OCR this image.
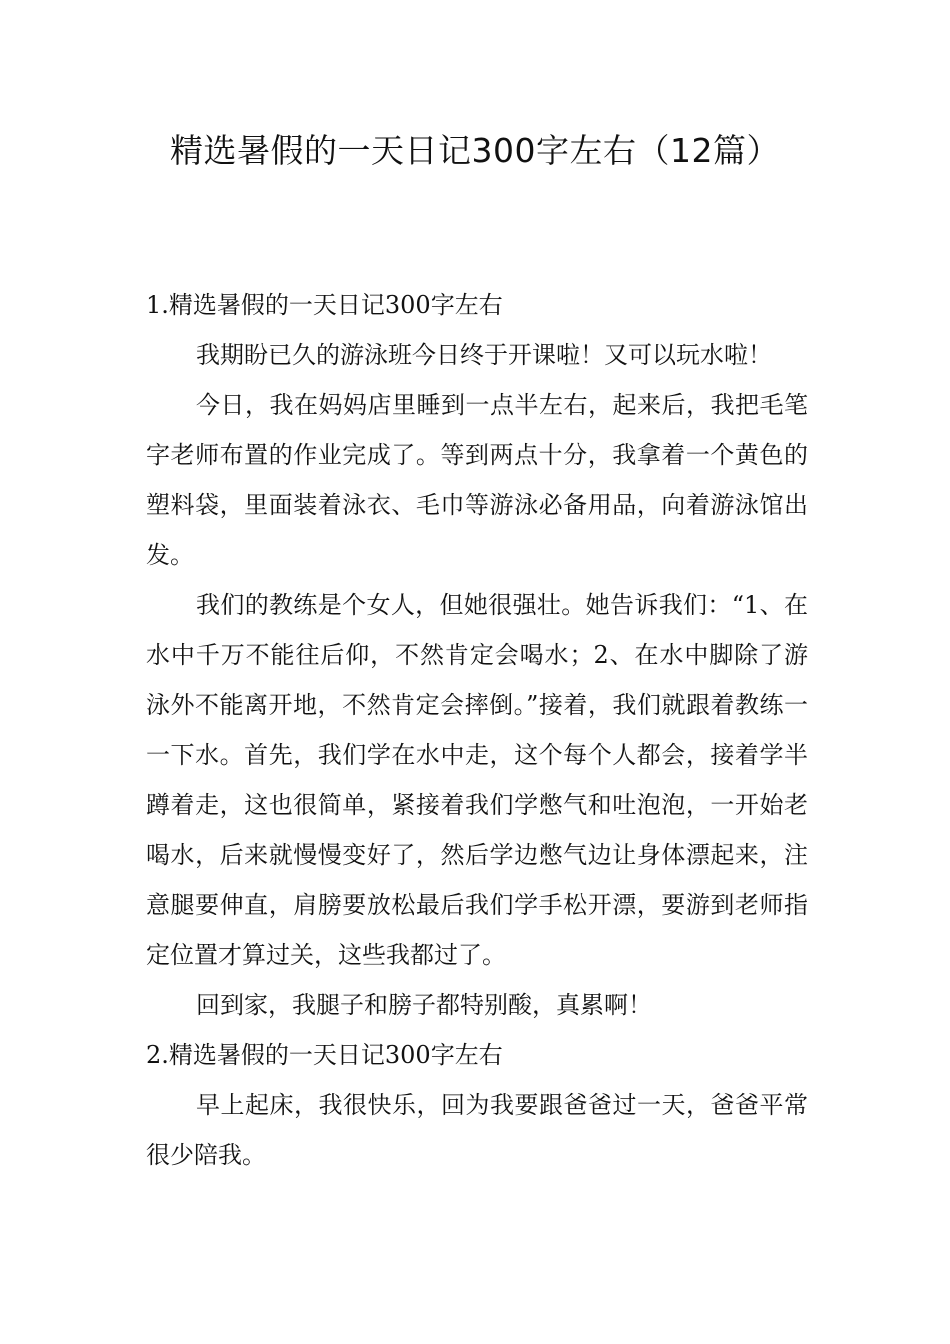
精选暑假的一天日记300字左右（12篇）
1.精选暑假的一天日记300字左右

我期盼已久的游泳班今日终于开课啦！又可以玩水啦！

今日，我在妈妈店里睡到一点半左右，起来后，我把毛笔字老师布置的作业完成了。等到两点十分，我拿着一个黄色的塑料袋，里面装着泳衣、毛巾等游泳必备用品，向着游泳馆出发。

我们的教练是个女人，但她很强壮。她告诉我们：“1、在水中千万不能往后仰，不然肯定会喝水；2、在水中脚除了游泳外不能离开地，不然肯定会摔倒。”接着，我们就跟着教练一一下水。首先，我们学在水中走，这个每个人都会，接着学半蹲着走，这也很简单，紧接着我们学憋气和吐泡泡，一开始老喝水，后来就慢慢变好了，然后学边憋气边让身体漂起来，注意腿要伸直，肩膀要放松最后我们学手松开漂，要游到老师指定位置才算过关，这些我都过了。

回到家，我腿子和膀子都特别酸，真累啊！

2.精选暑假的一天日记300字左右

早上起床，我很快乐，回为我要跟爸爸过一天，爸爸平常很少陪我。
